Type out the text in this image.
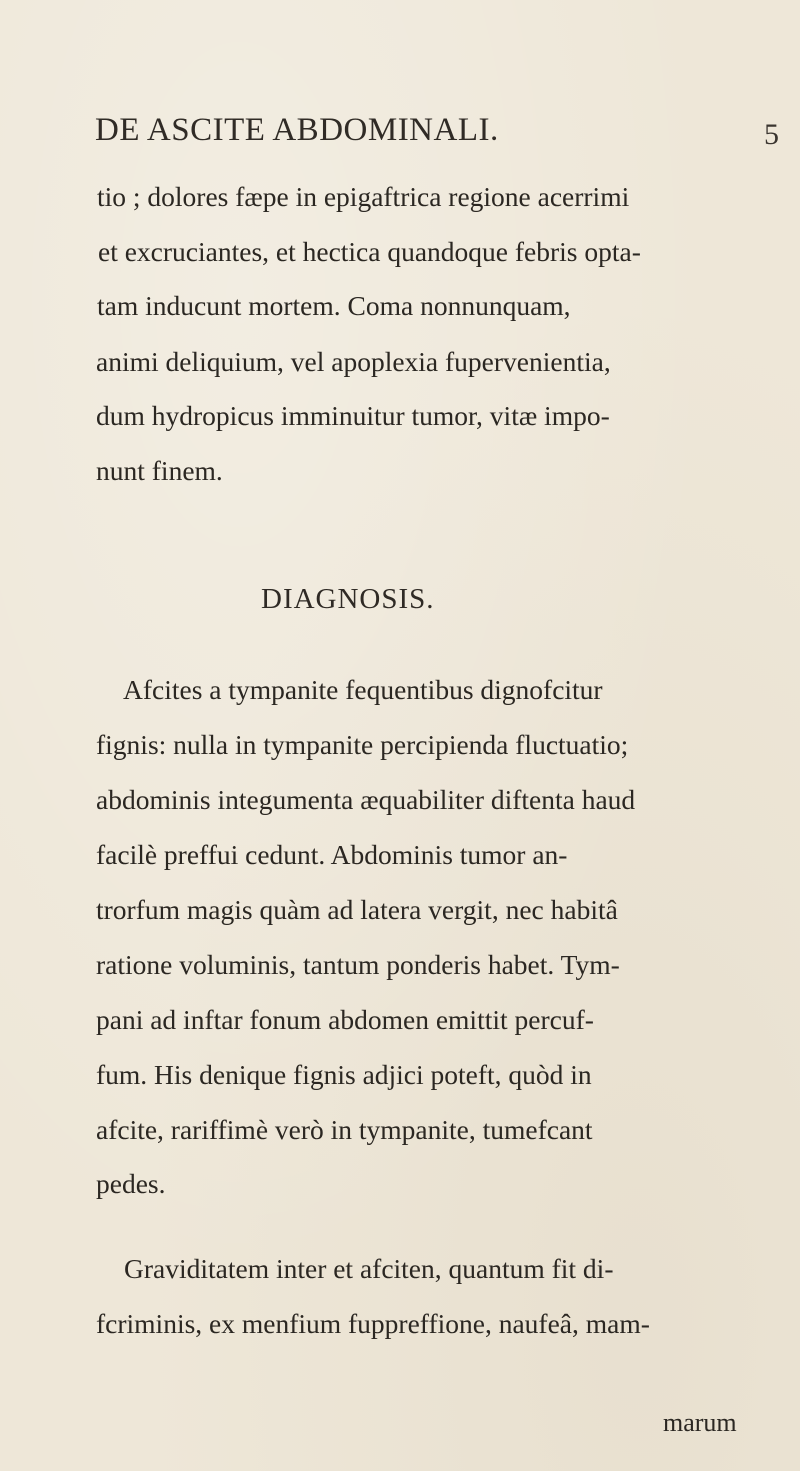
DE ASCITE ABDOMINALI.	5
tio ; dolores fæpe in epigaftrica regione acerrimi
et excruciantes, et hectica quandoque febris opta-
tam inducunt mortem. Coma nonnunquam,
animi deliquium, vel apoplexia fupervenientia,
dum hydropicus imminuitur tumor, vitæ impo-
nunt finem.
DIAGNOSIS.
Afcites a tympanite fequentibus dignofcitur
fignis: nulla in tympanite percipienda fluctuatio;
abdominis integumenta æquabiliter diftenta haud
facilè preffui cedunt. Abdominis tumor an-
trorfum magis quàm ad latera vergit, nec habitâ
ratione voluminis, tantum ponderis habet. Tym-
pani ad inftar fonum abdomen emittit percuf-
fum. His denique fignis adjici poteft, quòd in
afcite, rariffimè verò in tympanite, tumefcant
pedes.
Graviditatem inter et afciten, quantum fit di-
fcriminis, ex menfium fuppreffione, naufeâ, mam-
marum
